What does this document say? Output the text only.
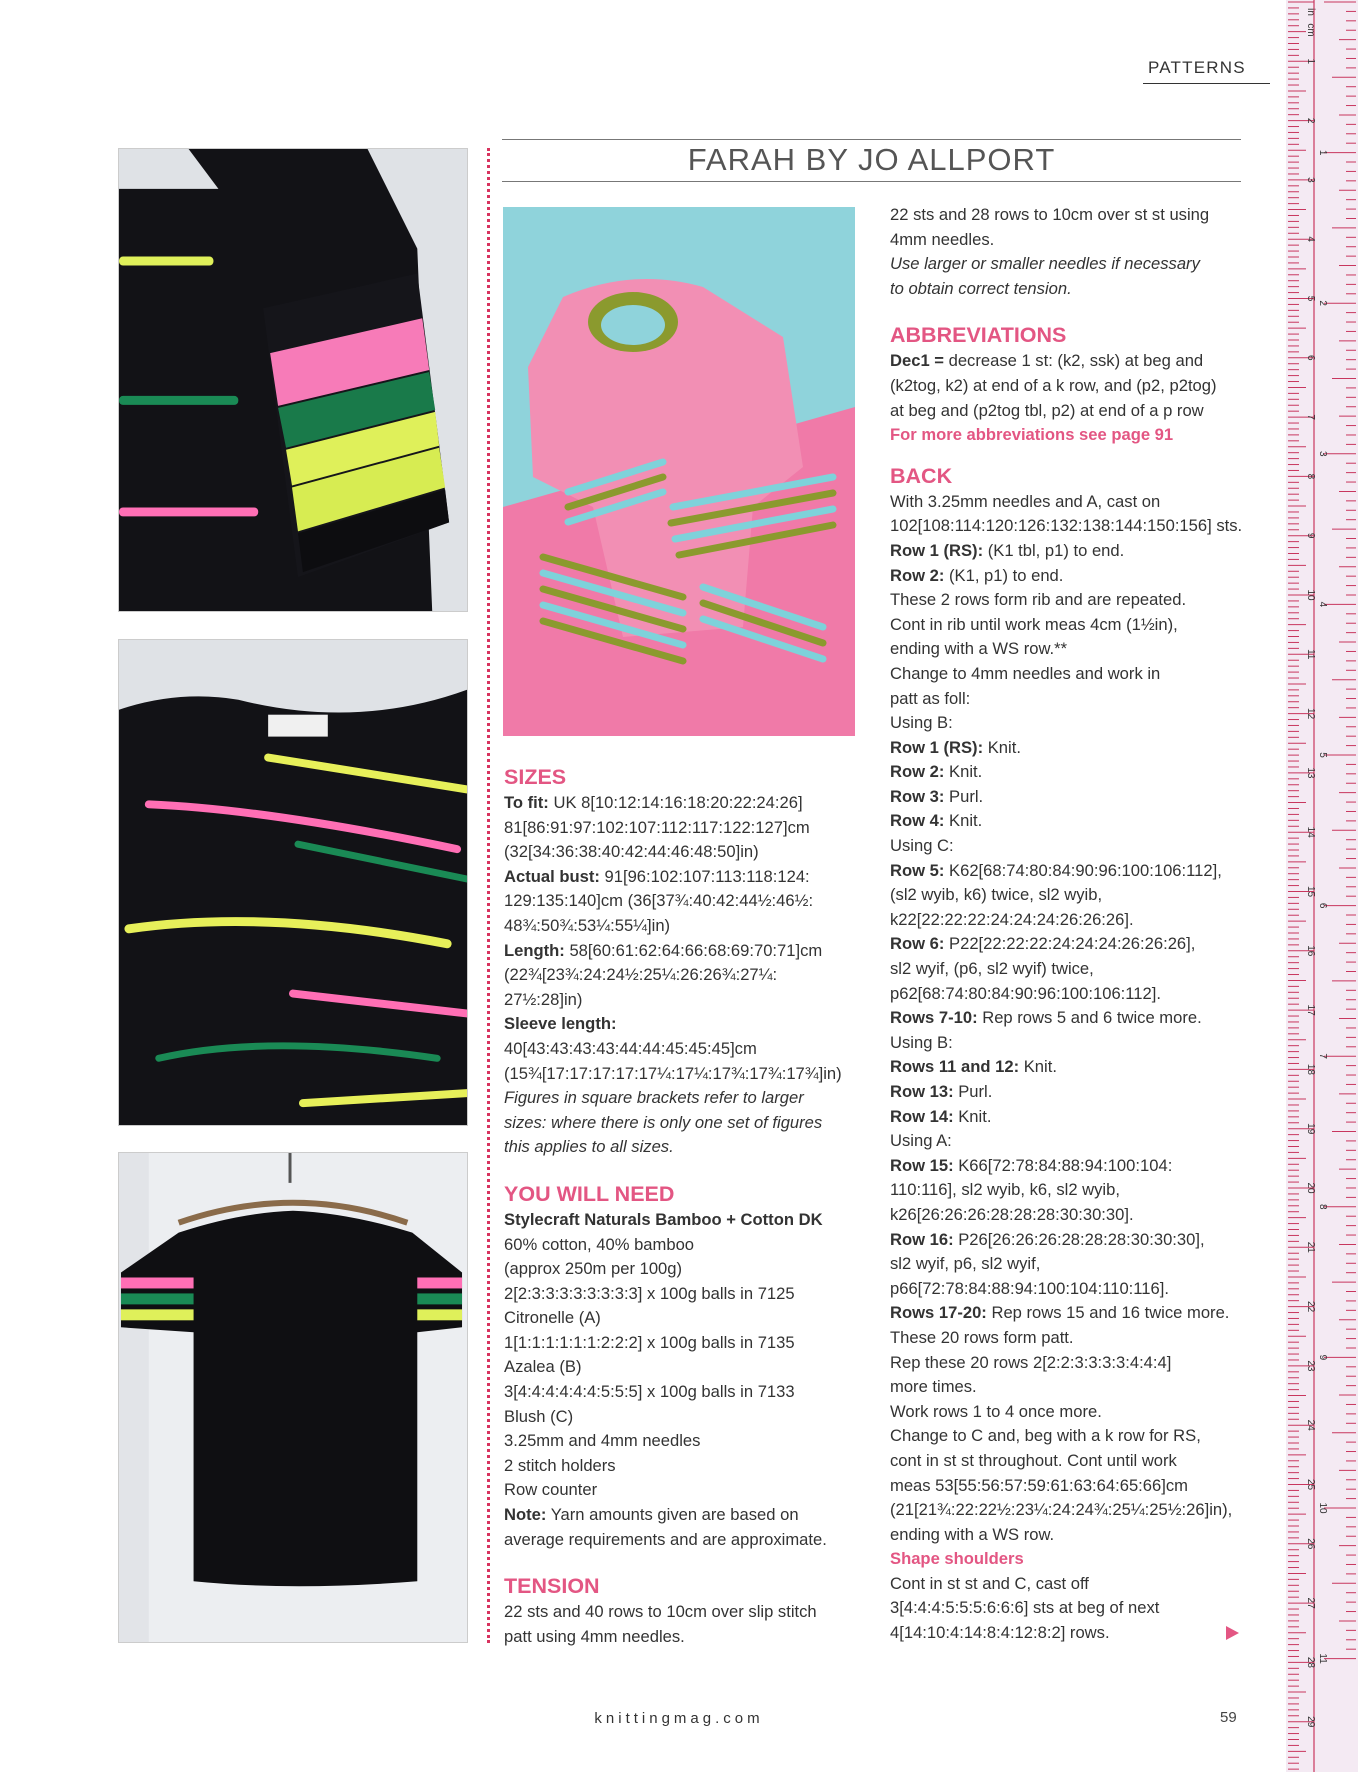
PATTERNS
FARAH BY JO ALLPORT
SIZES

To fit: UK 8[10:12:14:16:18:20:22:24:26]

81[86:91:97:102:107:112:117:122:127]cm

(32[34:36:38:40:42:44:46:48:50]in)

Actual bust: 91[96:102:107:113:118:124:

129:135:140]cm (36[37¾:40:42:44½:46½:

48¾:50¾:53¼:55¼]in)

Length: 58[60:61:62:64:66:68:69:70:71]cm

(22¾[23¾:24:24½:25¼:26:26¾:27¼:

27½:28]in)

Sleeve length:

40[43:43:43:43:44:44:45:45:45]cm

(15¾[17:17:17:17:17¼:17¼:17¾:17¾:17¾]in)

Figures in square brackets refer to larger

sizes: where there is only one set of figures

this applies to all sizes.

YOU WILL NEED

Stylecraft Naturals Bamboo + Cotton DK

60% cotton, 40% bamboo

(approx 250m per 100g)

2[2:3:3:3:3:3:3:3:3] x 100g balls in 7125

Citronelle (A)

1[1:1:1:1:1:1:2:2:2] x 100g balls in 7135

Azalea (B)

3[4:4:4:4:4:4:5:5:5] x 100g balls in 7133

Blush (C)

3.25mm and 4mm needles

2 stitch holders

Row counter

Note: Yarn amounts given are based on

average requirements and are approximate.

TENSION

22 sts and 40 rows to 10cm over slip stitch

patt using 4mm needles.

22 sts and 28 rows to 10cm over st st using

4mm needles.

Use larger or smaller needles if necessary

to obtain correct tension.

ABBREVIATIONS

Dec1 = decrease 1 st: (k2, ssk) at beg and

(k2tog, k2) at end of a k row, and (p2, p2tog)

at beg and (p2tog tbl, p2) at end of a p row

For more abbreviations see page 91

BACK

With 3.25mm needles and A, cast on

102[108:114:120:126:132:138:144:150:156] sts.

Row 1 (RS): (K1 tbl, p1) to end.

Row 2: (K1, p1) to end.

These 2 rows form rib and are repeated.

Cont in rib until work meas 4cm (1½in),

ending with a WS row.**

Change to 4mm needles and work in

patt as foll:

Using B:

Row 1 (RS): Knit.

Row 2: Knit.

Row 3: Purl.

Row 4: Knit.

Using C:

Row 5: K62[68:74:80:84:90:96:100:106:112],

(sl2 wyib, k6) twice, sl2 wyib,

k22[22:22:22:24:24:24:26:26:26].

Row 6: P22[22:22:22:24:24:24:26:26:26],

sl2 wyif, (p6, sl2 wyif) twice,

p62[68:74:80:84:90:96:100:106:112].

Rows 7-10: Rep rows 5 and 6 twice more.

Using B:

Rows 11 and 12: Knit.

Row 13: Purl.

Row 14: Knit.

Using A:

Row 15: K66[72:78:84:88:94:100:104:

110:116], sl2 wyib, k6, sl2 wyib,

k26[26:26:26:28:28:28:30:30:30].

Row 16: P26[26:26:26:28:28:28:30:30:30],

sl2 wyif, p6, sl2 wyif,

p66[72:78:84:88:94:100:104:110:116].

Rows 17-20: Rep rows 15 and 16 twice more.

These 20 rows form patt.

Rep these 20 rows 2[2:2:3:3:3:3:4:4:4]

more times.

Work rows 1 to 4 once more.

Change to C and, beg with a k row for RS,

cont in st st throughout. Cont until work

meas 53[55:56:57:59:61:63:64:65:66]cm

(21[21¾:22:22½:23¼:24:24¾:25¼:25½:26]in),

ending with a WS row.

Shape shoulders

Cont in st st and C, cast off

3[4:4:4:5:5:5:6:6:6] sts at beg of next

4[14:10:4:14:8:4:12:8:2] rows.

knittingmag.com	59
in
cm
1
2
3
4
5
6
7
8
9
10
11
12
13
14
15
16
17
18
19
20
21
22
23
24
25
26
27
28
29
1
2
3
4
5
6
7
8
9
10
11
